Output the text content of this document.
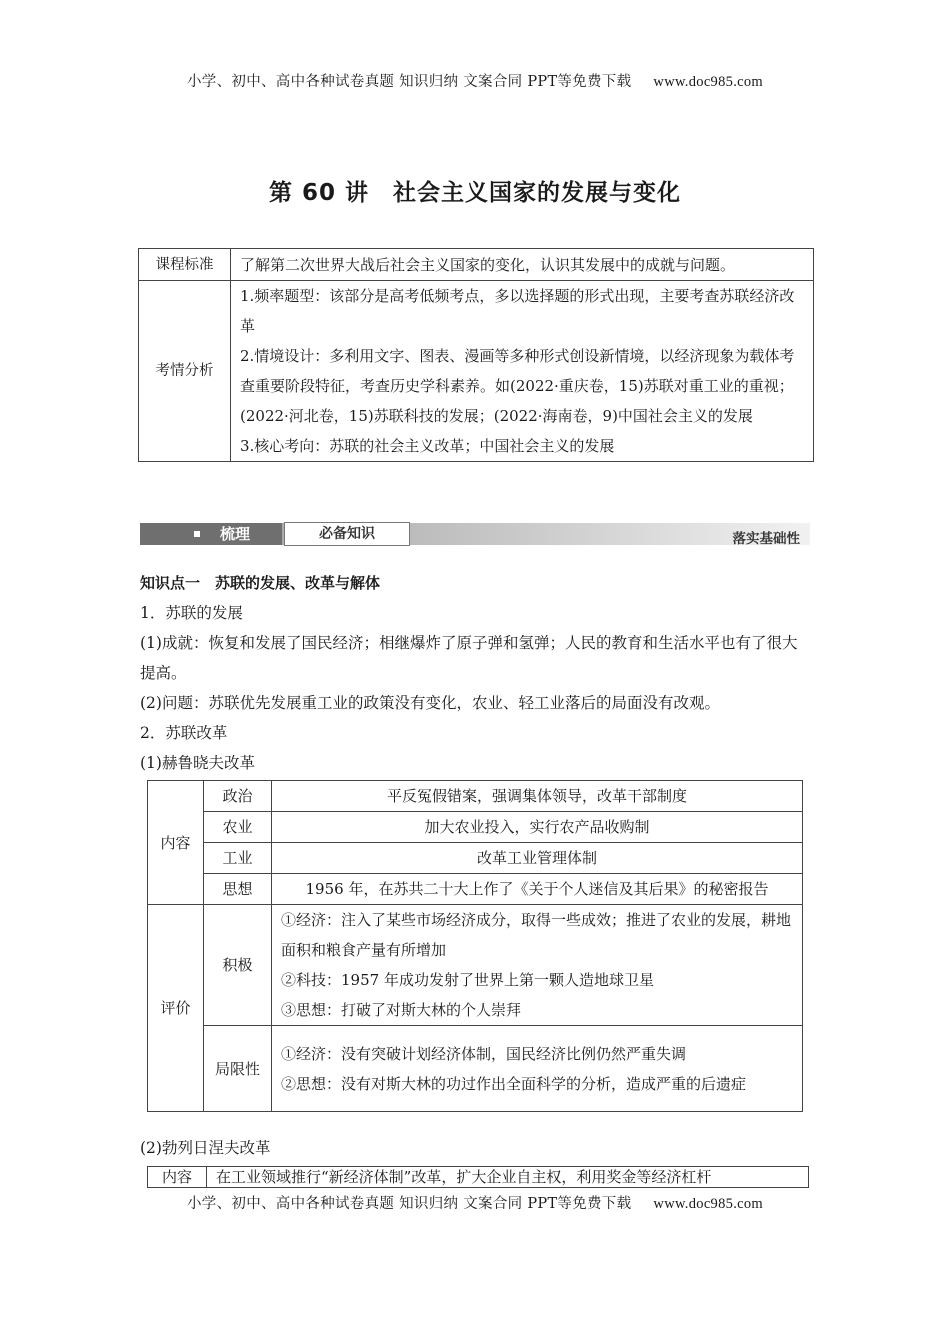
小学、初中、高中各种试卷真题 知识归纳 文案合同 PPT等免费下载 www.doc985.com
第 60 讲　社会主义国家的发展与变化
课程标准	了解第二次世界大战后社会主义国家的变化，认识其发展中的成就与问题。
考情分析	1.频率题型：该部分是高考低频考点，多以选择题的形式出现，主要考查苏联经济改革
2.情境设计：多利用文字、图表、漫画等多种形式创设新情境，以经济现象为载体考查重要阶段特征，考查历史学科素养。如(2022·重庆卷，15)苏联对重工业的重视；(2022·河北卷，15)苏联科技的发展；(2022·海南卷，9)中国社会主义的发展
3.核心考向：苏联的社会主义改革；中国社会主义的发展
梳理	必备知识	落实基础性

知识点一　苏联的发展、改革与解体

1．苏联的发展

(1)成就：恢复和发展了国民经济；相继爆炸了原子弹和氢弹；人民的教育和生活水平也有了很大提高。

(2)问题：苏联优先发展重工业的政策没有变化，农业、轻工业落后的局面没有改观。

2．苏联改革

(1)赫鲁晓夫改革

内容	政治	平反冤假错案，强调集体领导，改革干部制度
	农业	加大农业投入，实行农产品收购制
	工业	改革工业管理体制
	思想	1956 年，在苏共二十大上作了《关于个人迷信及其后果》的秘密报告
评价	积极	①经济：注入了某些市场经济成分，取得一些成效；推进了农业的发展，耕地面积和粮食产量有所增加
②科技：1957 年成功发射了世界上第一颗人造地球卫星
③思想：打破了对斯大林的个人崇拜

	局限性	①经济：没有突破计划经济体制，国民经济比例仍然严重失调
②思想：没有对斯大林的功过作出全面科学的分析，造成严重的后遗症
(2)勃列日涅夫改革
内容	在工业领域推行“新经济体制”改革，扩大企业自主权，利用奖金等经济杠杆
小学、初中、高中各种试卷真题 知识归纳 文案合同 PPT等免费下载 www.doc985.com
